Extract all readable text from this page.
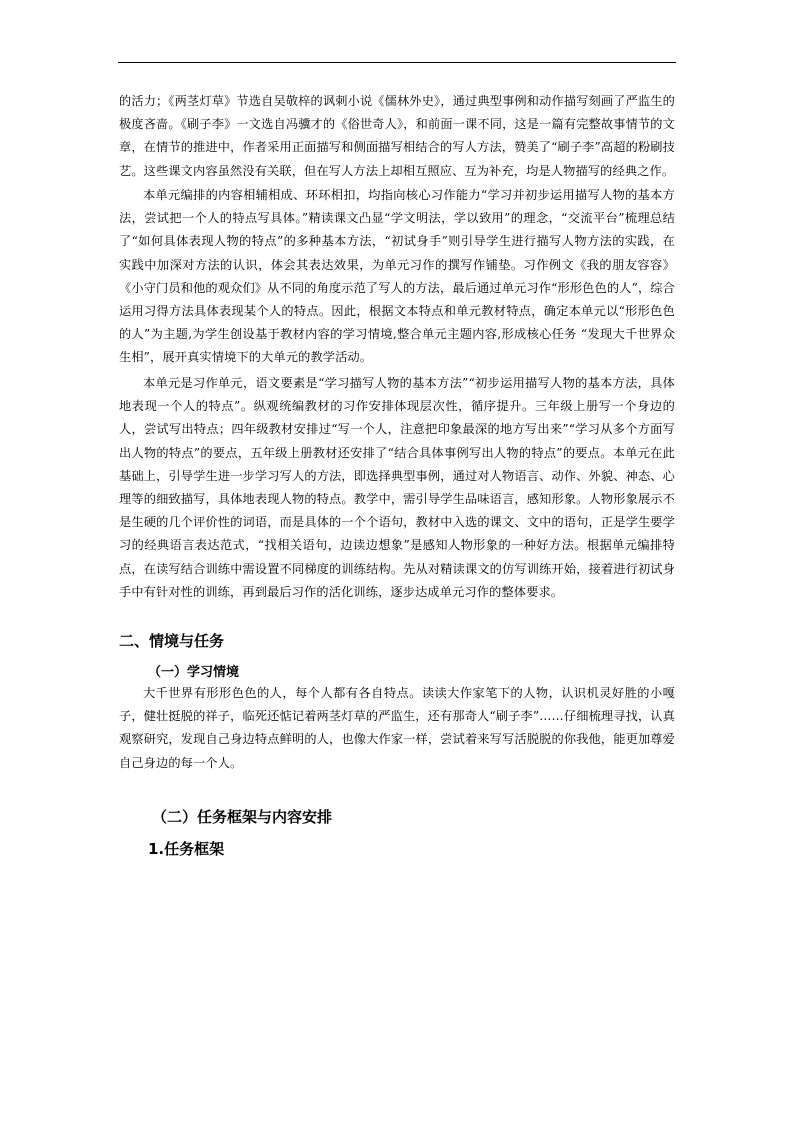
的活力；《两茎灯草》节选自吴敬梓的讽刺小说《儒林外史》，通过典型事例和动作描写刻画了严监生的极度吝啬。《刷子李》一文选自冯骥才的《俗世奇人》，和前面一课不同，这是一篇有完整故事情节的文章，在情节的推进中，作者采用正面描写和侧面描写相结合的写人方法，赞美了“刷子李”高超的粉刷技艺。这些课文内容虽然没有关联，但在写人方法上却相互照应、互为补充，均是人物描写的经典之作。

本单元编排的内容相辅相成、环环相扣，均指向核心习作能力“学习并初步运用描写人物的基本方法，尝试把一个人的特点写具体。”精读课文凸显“学文明法，学以致用”的理念，“交流平台”梳理总结了“如何具体表现人物的特点”的多种基本方法，“初试身手”则引导学生进行描写人物方法的实践，在实践中加深对方法的认识，体会其表达效果，为单元习作的撰写作铺垫。习作例文《我的朋友容容》《小守门员和他的观众们》从不同的角度示范了写人的方法，最后通过单元习作“形形色色的人”，综合运用习得方法具体表现某个人的特点。因此，根据文本特点和单元教材特点，确定本单元以“形形色色的人”为主题,为学生创设基于教材内容的学习情境,整合单元主题内容,形成核心任务 “发现大千世界众生相”，展开真实情境下的大单元的教学活动。

本单元是习作单元，语文要素是“学习描写人物的基本方法”“初步运用描写人物的基本方法，具体地表现一个人的特点”。纵观统编教材的习作安排体现层次性，循序提升。三年级上册写一个身边的人，尝试写出特点；四年级教材安排过“写一个人，注意把印象最深的地方写出来”“学习从多个方面写出人物的特点”的要点，五年级上册教材还安排了“结合具体事例写出人物的特点”的要点。本单元在此基础上，引导学生进一步学习写人的方法，即选择典型事例，通过对人物语言、动作、外貌、神态、心理等的细致描写，具体地表现人物的特点。教学中，需引导学生品味语言，感知形象。人物形象展示不是生硬的几个评价性的词语，而是具体的一个个语句，教材中入选的课文、文中的语句，正是学生要学习的经典语言表达范式，“找相关语句，边读边想象”是感知人物形象的一种好方法。根据单元编排特点，在读写结合训练中需设置不同梯度的训练结构。先从对精读课文的仿写训练开始，接着进行初试身手中有针对性的训练，再到最后习作的活化训练，逐步达成单元习作的整体要求。

二、情境与任务
（一）学习情境

大千世界有形形色色的人，每个人都有各自特点。读读大作家笔下的人物，认识机灵好胜的小嘎子，健壮挺脱的祥子，临死还惦记着两茎灯草的严监生，还有那奇人“刷子李”……仔细梳理寻找，认真观察研究，发现自己身边特点鲜明的人，也像大作家一样，尝试着来写写活脱脱的你我他，能更加尊爱自己身边的每一个人。

（二）任务框架与内容安排
1.任务框架
